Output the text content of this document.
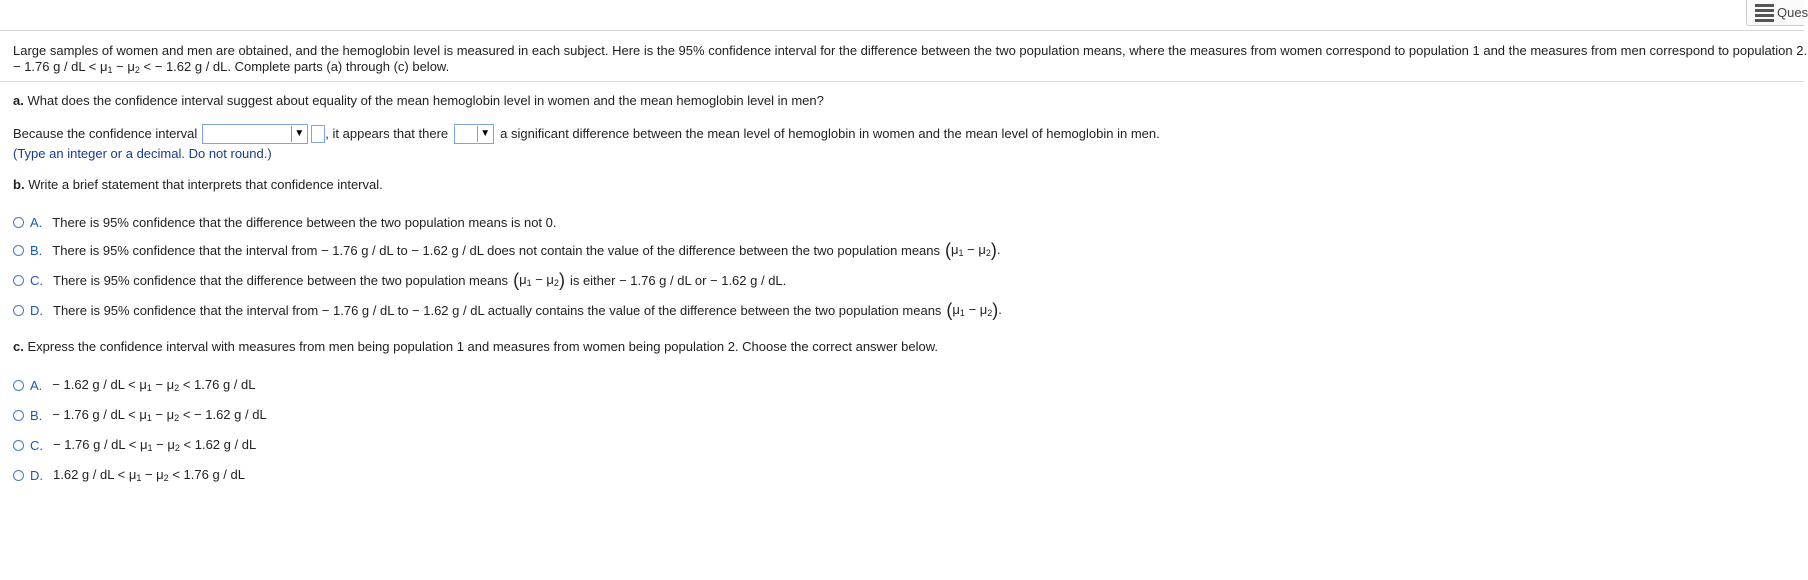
Ques
Large samples of women and men are obtained, and the hemoglobin level is measured in each subject. Here is the 95% confidence interval for the difference between the two population means, where the measures from women correspond to population 1 and the measures from men correspond to population 2.
− 1.76 g / dL < $\mu_1 - \mu_2$ < − 1.62 g / dL. Complete parts (a) through (c) below.
a. What does the confidence interval suggest about equality of the mean hemoglobin level in women and the mean hemoglobin level in men?
Because the confidence interval	▼ , it appears that there	▼ a significant difference between the mean level of hemoglobin in women and the mean level of hemoglobin in men.
(Type an integer or a decimal. Do not round.)
b. Write a brief statement that interprets that confidence interval.
A. There is 95% confidence that the difference between the two population means is not 0.
B. There is 95% confidence that the interval from − 1.76 g / dL to − 1.62 g / dL does not contain the value of the difference between the two population means $(\mu_1 - \mu_2)$.
C. There is 95% confidence that the difference between the two population means $(\mu_1 - \mu_2)$ is either − 1.76 g / dL or − 1.62 g / dL.
D. There is 95% confidence that the interval from − 1.76 g / dL to − 1.62 g / dL actually contains the value of the difference between the two population means $(\mu_1 - \mu_2)$.
c. Express the confidence interval with measures from men being population 1 and measures from women being population 2. Choose the correct answer below.
A. − 1.62 g / dL < $\mu_1 - \mu_2 < 1.76$ g / dL
B. − 1.76 g / dL < $\mu_1 - \mu_2$ < − 1.62 g / dL
C. − 1.76 g / dL < $\mu_1 - \mu_2 < 1.62$ g / dL
D. 1.62 g / dL < $\mu_1 - \mu_2 < 1.76$ g / dL
